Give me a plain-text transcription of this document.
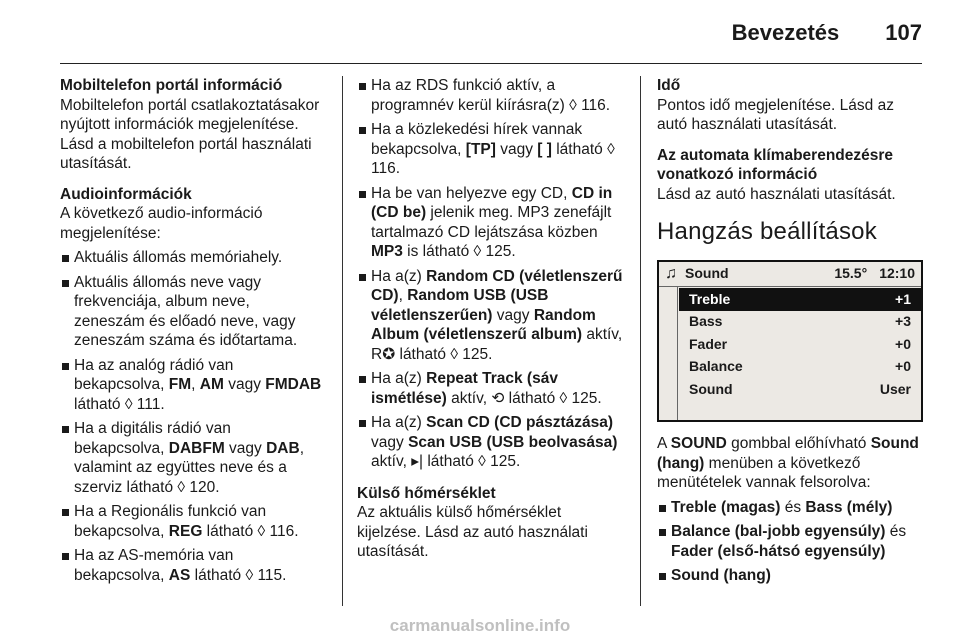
Bevezetés 107
Mobiltelefon portál információ
Mobiltelefon portál csatlakoztatásakor nyújtott információk megjelenítése. Lásd a mobiltelefon portál használati utasítását.
Audioinformációk
A következő audio-információ megjelenítése:
Aktuális állomás memóriahely.
Aktuális állomás neve vagy frekvenciája, album neve, zeneszám és előadó neve, vagy zeneszám száma és időtartama.
Ha az analóg rádió van bekapcsolva, FM, AM vagy FMDAB látható ◊ 111.
Ha a digitális rádió van bekapcsolva, DABFM vagy DAB, valamint az együttes neve és a szerviz látható ◊ 120.
Ha a Regionális funkció van bekapcsolva, REG látható ◊ 116.
Ha az AS-memória van bekapcsolva, AS látható ◊ 115.
Ha az RDS funkció aktív, a programnév kerül kiírásra(z) ◊ 116.
Ha a közlekedési hírek vannak bekapcsolva, [TP] vagy [ ] látható ◊ 116.
Ha be van helyezve egy CD, CD in (CD be) jelenik meg. MP3 zenefájlt tartalmazó CD lejátszása közben MP3 is látható ◊ 125.
Ha a(z) Random CD (véletlenszerű CD), Random USB (USB véletlenszerűen) vagy Random Album (véletlenszerű album) aktív, R✪ látható ◊ 125.
Ha a(z) Repeat Track (sáv ismétlése) aktív, ⟲ látható ◊ 125.
Ha a(z) Scan CD (CD pásztázása) vagy Scan USB (USB beolvasása) aktív, ▸| látható ◊ 125.
Külső hőmérséklet
Az aktuális külső hőmérséklet kijelzése. Lásd az autó használati utasítását.
Idő
Pontos idő megjelenítése. Lásd az autó használati utasítását.
Az automata klímaberendezésre vonatkozó információ
Lásd az autó használati utasítását.
Hangzás beállítások
♫ Sound	15.5° 12:10
Treble	+1
Bass	+3
Fader	+0
Balance	+0
Sound	User
A SOUND gombbal előhívható Sound (hang) menüben a következő menütételek vannak felsorolva:
Treble (magas) és Bass (mély)
Balance (bal-jobb egyensúly) és Fader (első-hátsó egyensúly)
Sound (hang)
carmanualsonline.info
